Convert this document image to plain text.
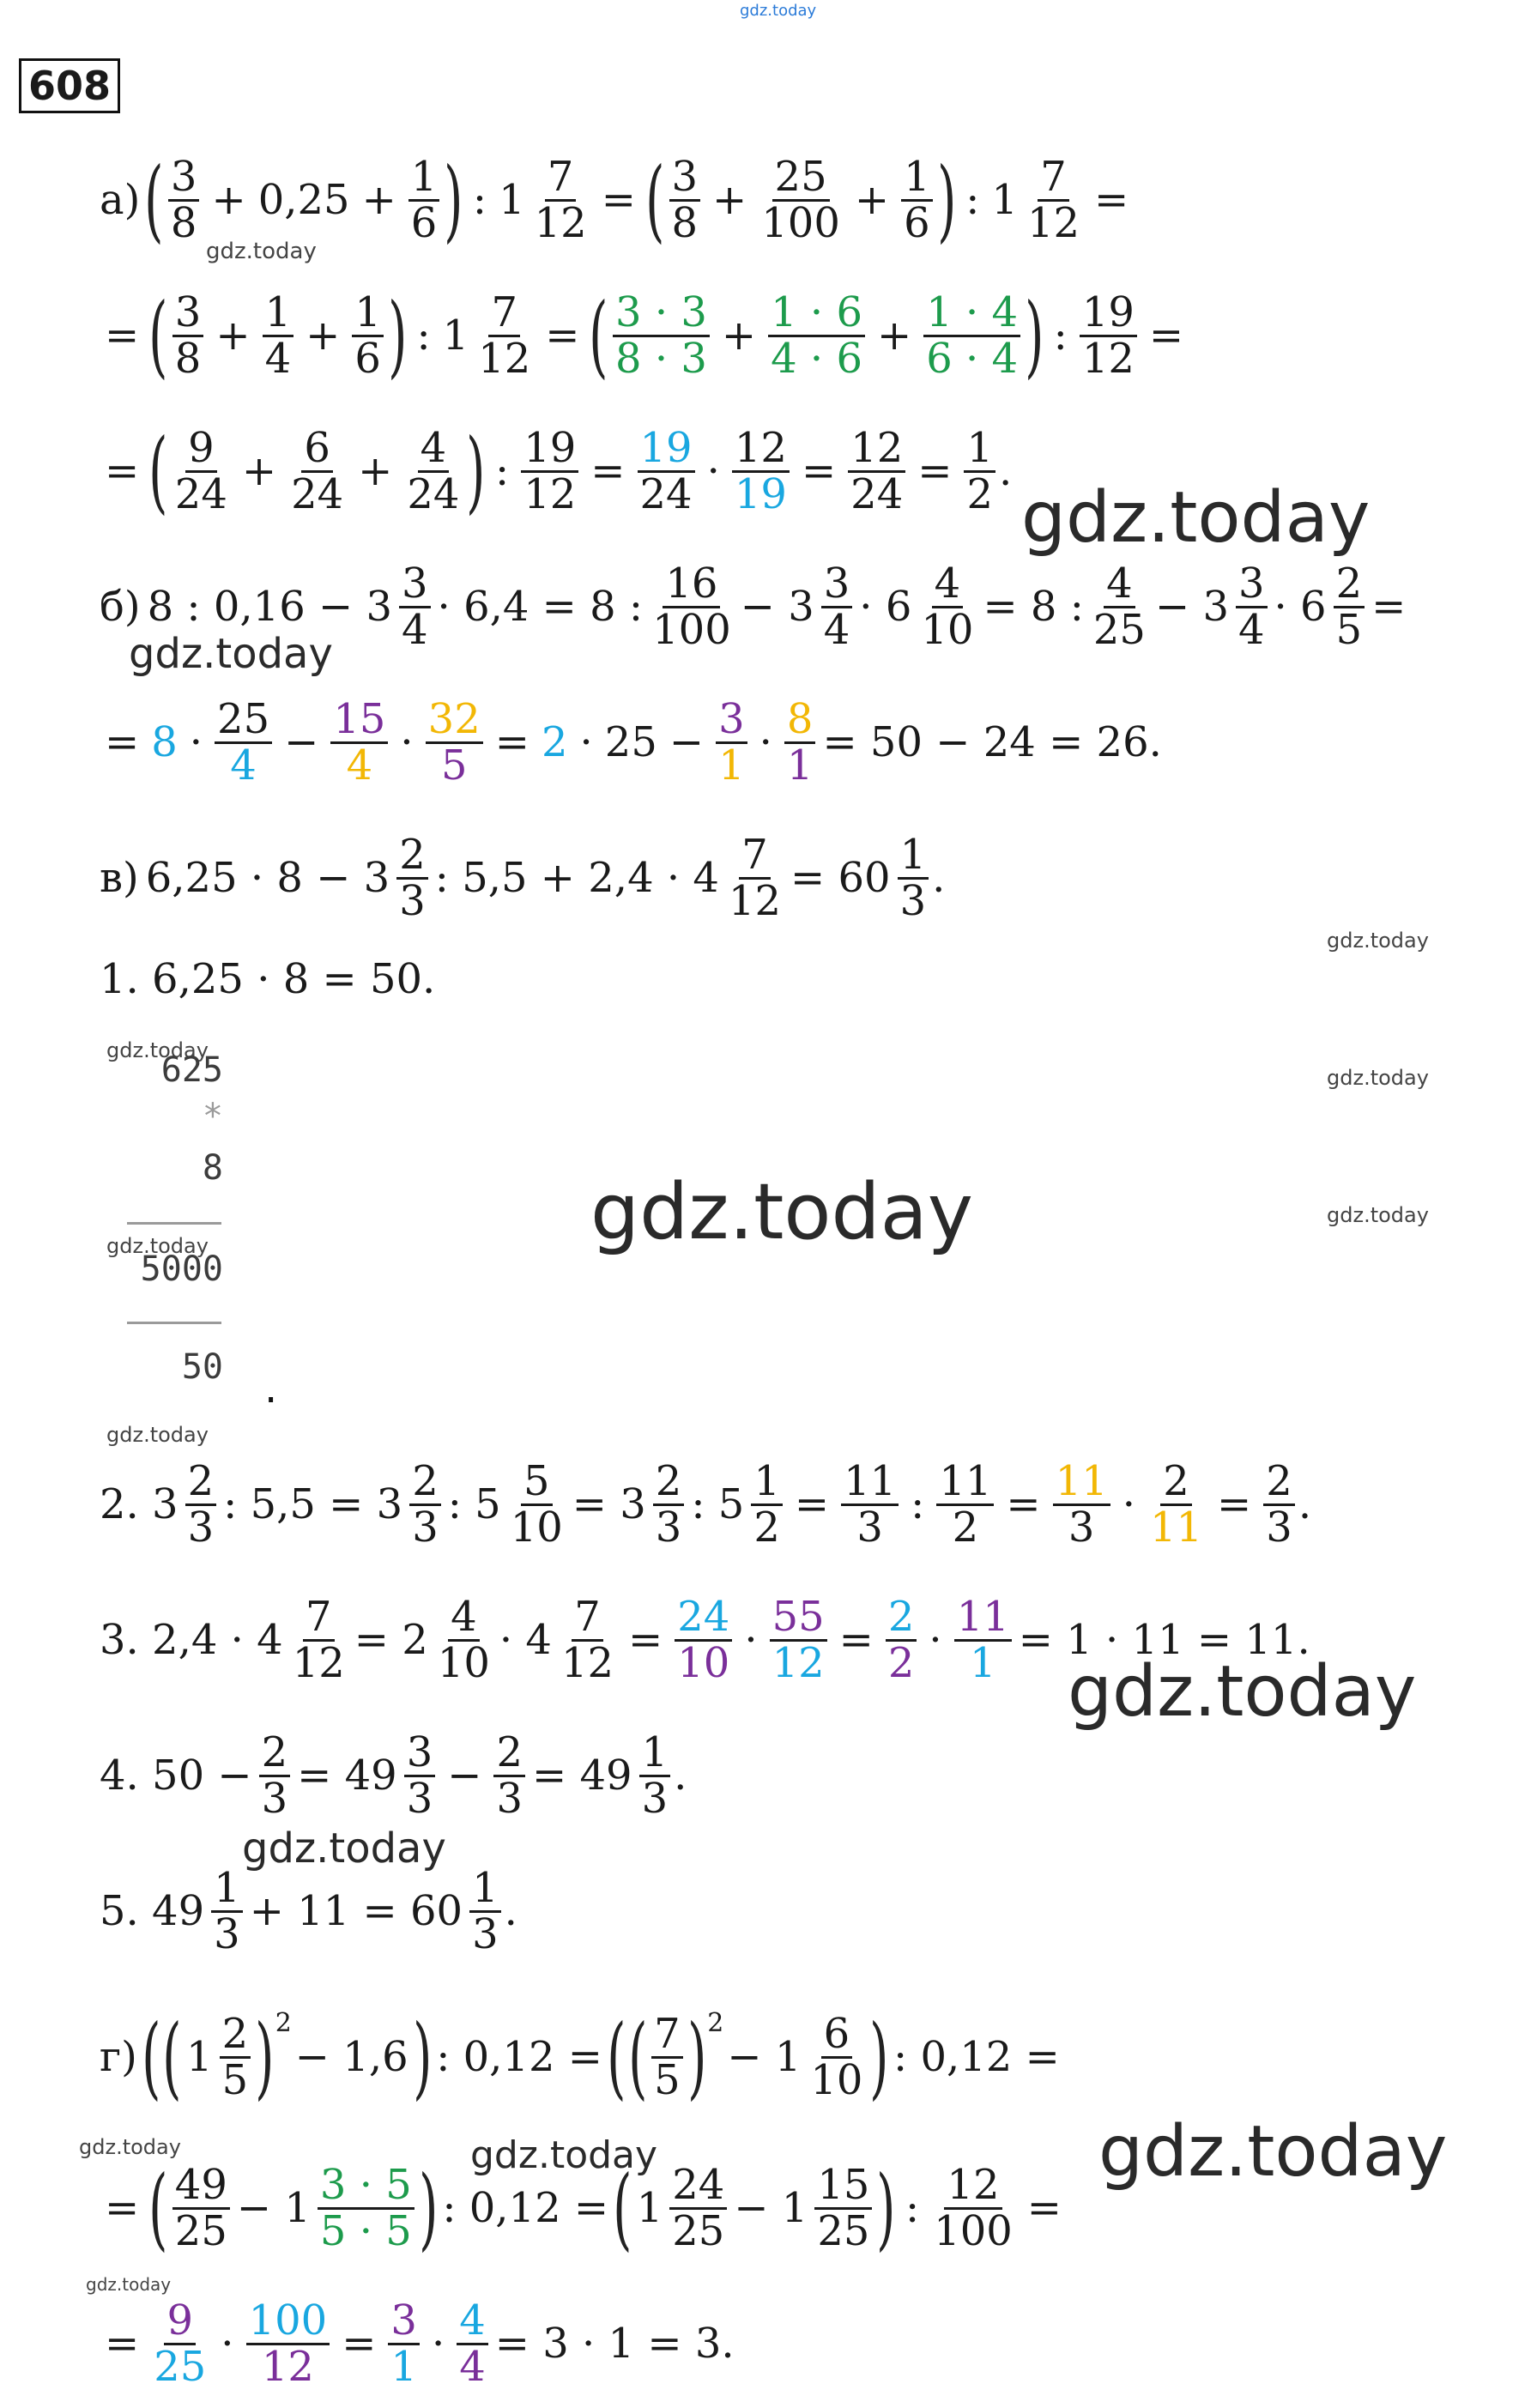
gdz.today
gdz.today
gdz.today
gdz.today
gdz.today
gdz.today
gdz.today
gdz.today	gdz.today
gdz.today
gdz.today
gdz.today
gdz.today
gdz.today	gdz.today	gdz.today
gdz.today
608
а) ( $\frac{3}{8} + 0,25 + \frac{1}{6}$ ) : $1 \frac{7}{12}$ = ( $\frac{3}{8} + \frac{25}{100} + \frac{1}{6}$ ) : $1 \frac{7}{12}$ =
= ( $\frac{3}{8} + \frac{1}{4} + \frac{1}{6}$ ) : $1 \frac{7}{12}$ = ( $\frac{3 \cdot 3}{8 \cdot 3} + \frac{1 \cdot 6}{4 \cdot 6} + \frac{1 \cdot 4}{6 \cdot 4}$ ) : $\frac{19}{12}$ =
= ( $\frac{9}{24} + \frac{6}{24} + \frac{4}{24}$ ) : $\frac{19}{12} = \frac{19}{24} \cdot \frac{12}{19} = \frac{12}{24} = \frac{1}{2}$ .
б) 8 : $0,16 - 3 \frac{3}{4} \cdot 6,4 = 8$ : $\frac{16}{100} - 3 \frac{3}{4} \cdot 6 \frac{4}{10} = 8$ : $\frac{4}{25} - 3 \frac{3}{4} \cdot 6 \frac{2}{5}$ =
= $8 \cdot \frac{25}{4} - \frac{15}{4} \cdot \frac{32}{5} = 2 \cdot 25 - \frac{3}{1} \cdot \frac{8}{1} = 50 - 24 = 26$.
в) $6,25 \cdot 8 - 3 \frac{2}{3}$ : $5,5 + 2,4 \cdot 4 \frac{7}{12} = 60 \frac{1}{3}$ .
1. 6,25 · 8 = 50.
625
*
8
5000
50 .
2. $3 \frac{2}{3}$ : $5,5 = 3 \frac{2}{3}$ : $5 \frac{5}{10} = 3 \frac{2}{3}$ : $5 \frac{1}{2} = \frac{11}{3}$ : $\frac{11}{2} = \frac{11}{3} \cdot \frac{2}{11} = \frac{2}{3}$ .
3. $2,4 \cdot 4 \frac{7}{12} = 2 \frac{4}{10} \cdot 4 \frac{7}{12} = \frac{24}{10} \cdot \frac{55}{12} = \frac{2}{2} \cdot \frac{11}{1} = 1 \cdot 11 = 11$.
4. $50 - \frac{2}{3} = 49 \frac{3}{3} - \frac{2}{3} = 49 \frac{1}{3}$ .
5. $49 \frac{1}{3} + 11 = 60 \frac{1}{3}$ .
г) ( ( $1 \frac{2}{5}$ ) 2
− 1,6 ) : 0,12 = ( ( $\frac{7}{5}$ ) 2
− $1 \frac{6}{10}$ ) : 0,12 =
= ( $\frac{49}{25} - 1 \frac{3 \cdot 5}{5 \cdot 5}$ ) : 0,12 = ( $1 \frac{24}{25} - 1 \frac{15}{25}$ ) : $\frac{12}{100}$ =
= $\frac{9}{25} \cdot \frac{100}{12} = \frac{3}{1} \cdot \frac{4}{4} = 3 \cdot 1 = 3$.
